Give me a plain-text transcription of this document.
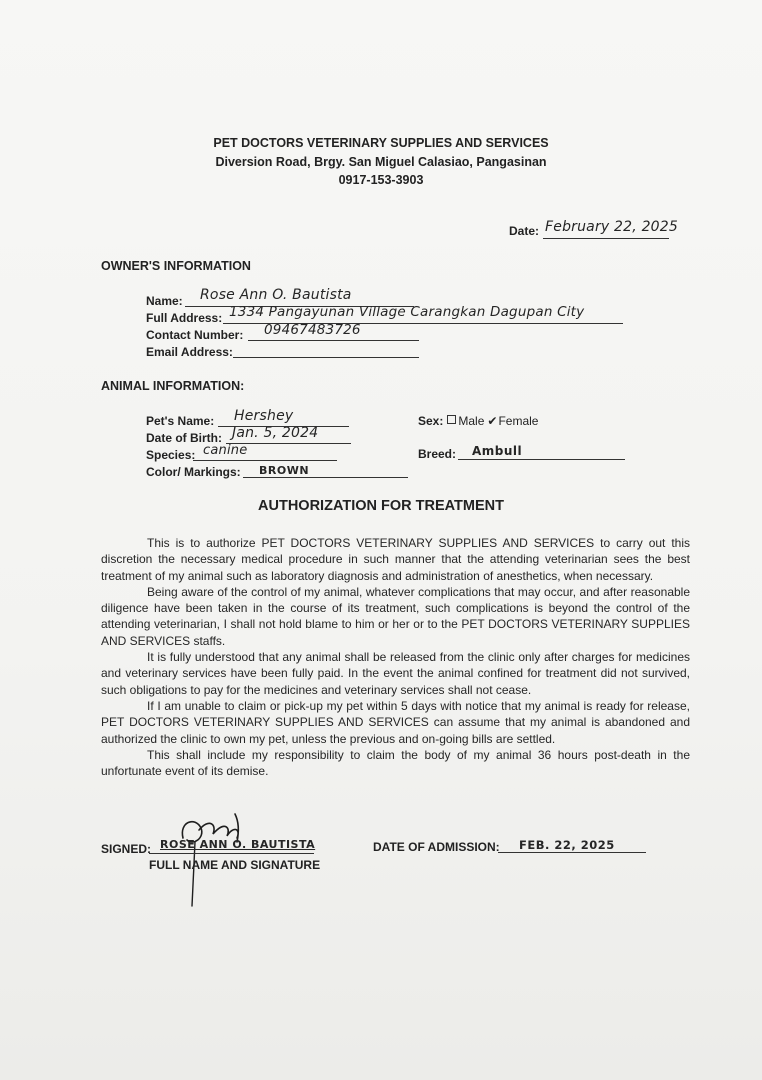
PET DOCTORS VETERINARY SUPPLIES AND SERVICES
Diversion Road, Brgy. San Miguel Calasiao, Pangasinan
0917-153-3903
Date: February 22, 2025
OWNER'S INFORMATION
Name: Rose Ann O. Bautista
Full Address: 1334 Pangayunan Village Carangkan Dagupan City
Contact Number: 09467483726
Email Address:
ANIMAL INFORMATION:
Pet's Name: Hershey
Date of Birth: Jan. 5, 2024
Species: canine
Color/ Markings: BROWN
Sex: Male ✔Female
Breed: Ambull
AUTHORIZATION FOR TREATMENT

This is to authorize PET DOCTORS VETERINARY SUPPLIES AND SERVICES to carry out this discretion the necessary medical procedure in such manner that the attending veterinarian sees the best treatment of my animal such as laboratory diagnosis and administration of anesthetics, when necessary.

Being aware of the control of my animal, whatever complications that may occur, and after reasonable diligence have been taken in the course of its treatment, such complications is beyond the control of the attending veterinarian, I shall not hold blame to him or her or to the PET DOCTORS VETERINARY SUPPLIES AND SERVICES staffs.

It is fully understood that any animal shall be released from the clinic only after charges for medicines and veterinary services have been fully paid. In the event the animal confined for treatment did not survived, such obligations to pay for the medicines and veterinary services shall not cease.

If I am unable to claim or pick-up my pet within 5 days with notice that my animal is ready for release, PET DOCTORS VETERINARY SUPPLIES AND SERVICES can assume that my animal is abandoned and authorized the clinic to own my pet, unless the previous and on-going bills are settled.

This shall include my responsibility to claim the body of my animal 36 hours post-death in the unfortunate event of its demise.

SIGNED: ROSE ANN O. BAUTISTA
FULL NAME AND SIGNATURE
DATE OF ADMISSION: FEB. 22, 2025
